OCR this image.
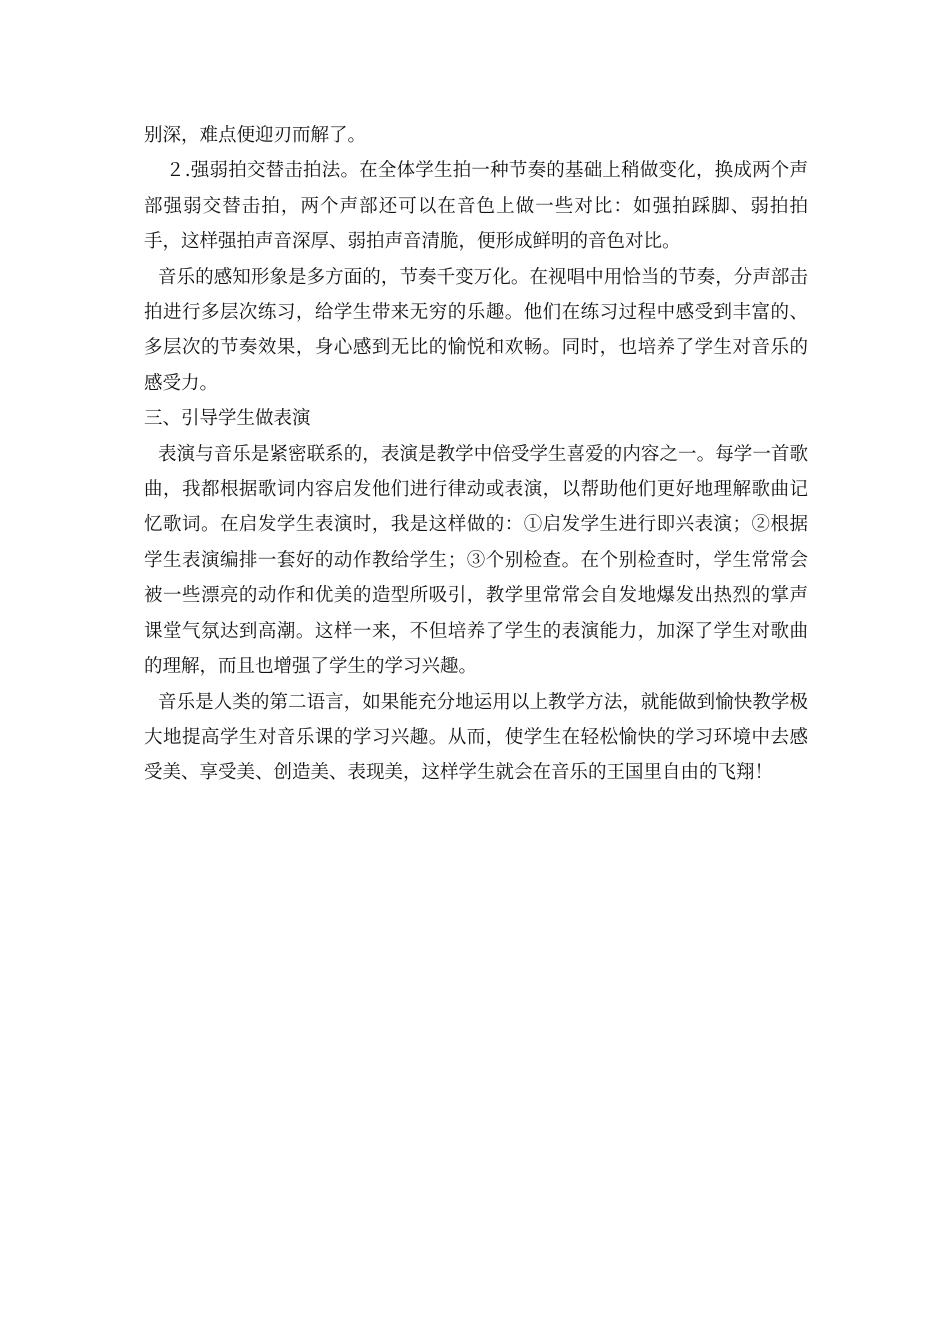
别深，难点便迎刃而解了。

２.强弱拍交替击拍法。在全体学生拍一种节奏的基础上稍做变化，换成两个声部强弱交替击拍，两个声部还可以在音色上做一些对比：如强拍踩脚、弱拍拍手，这样强拍声音深厚、弱拍声音清脆，便形成鲜明的音色对比。

音乐的感知形象是多方面的，节奏千变万化。在视唱中用恰当的节奏，分声部击拍进行多层次练习，给学生带来无穷的乐趣。他们在练习过程中感受到丰富的、多层次的节奏效果，身心感到无比的愉悦和欢畅。同时，也培养了学生对音乐的感受力。

三、引导学生做表演

表演与音乐是紧密联系的，表演是教学中倍受学生喜爱的内容之一。每学一首歌曲，我都根据歌词内容启发他们进行律动或表演，以帮助他们更好地理解歌曲记忆歌词。在启发学生表演时，我是这样做的：①启发学生进行即兴表演；②根据学生表演编排一套好的动作教给学生；③个别检查。在个别检查时，学生常常会被一些漂亮的动作和优美的造型所吸引，教学里常常会自发地爆发出热烈的掌声课堂气氛达到高潮。这样一来，不但培养了学生的表演能力，加深了学生对歌曲的理解，而且也增强了学生的学习兴趣。

音乐是人类的第二语言，如果能充分地运用以上教学方法，就能做到愉快教学极大地提高学生对音乐课的学习兴趣。从而，使学生在轻松愉快的学习环境中去感受美、享受美、创造美、表现美，这样学生就会在音乐的王国里自由的飞翔！
